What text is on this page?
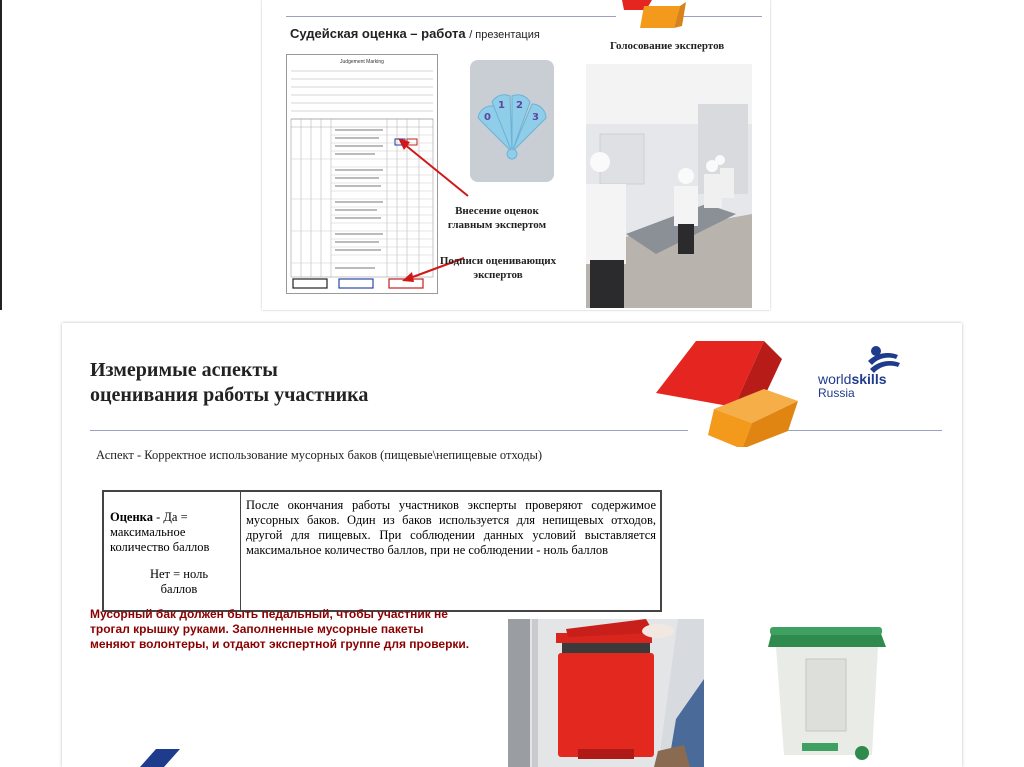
Судейская оценка – работа / презентация
Голосование экспертов
Judgement Marking
0
1 2
3
Внесение оценок
главным экспертом
Подписи оценивающих
экспертов
Измеримые аспекты
оценивания работы участника
worldskills
Russia
Аспект - Корректное использование мусорных баков (пищевые\непищевые отходы)
Оценка - Да = максимальное количество баллов
Нет = ноль баллов
После окончания работы участников эксперты проверяют содержимое мусорных баков. Один из баков используется для непищевых отходов, другой для пищевых. При соблюдении данных условий выставляется максимальное количество баллов, при не соблюдении - ноль баллов
Мусорный бак должен быть педальный, чтобы участник не трогал крышку руками. Заполненные мусорные пакеты меняют волонтеры, и отдают экспертной группе для проверки.
